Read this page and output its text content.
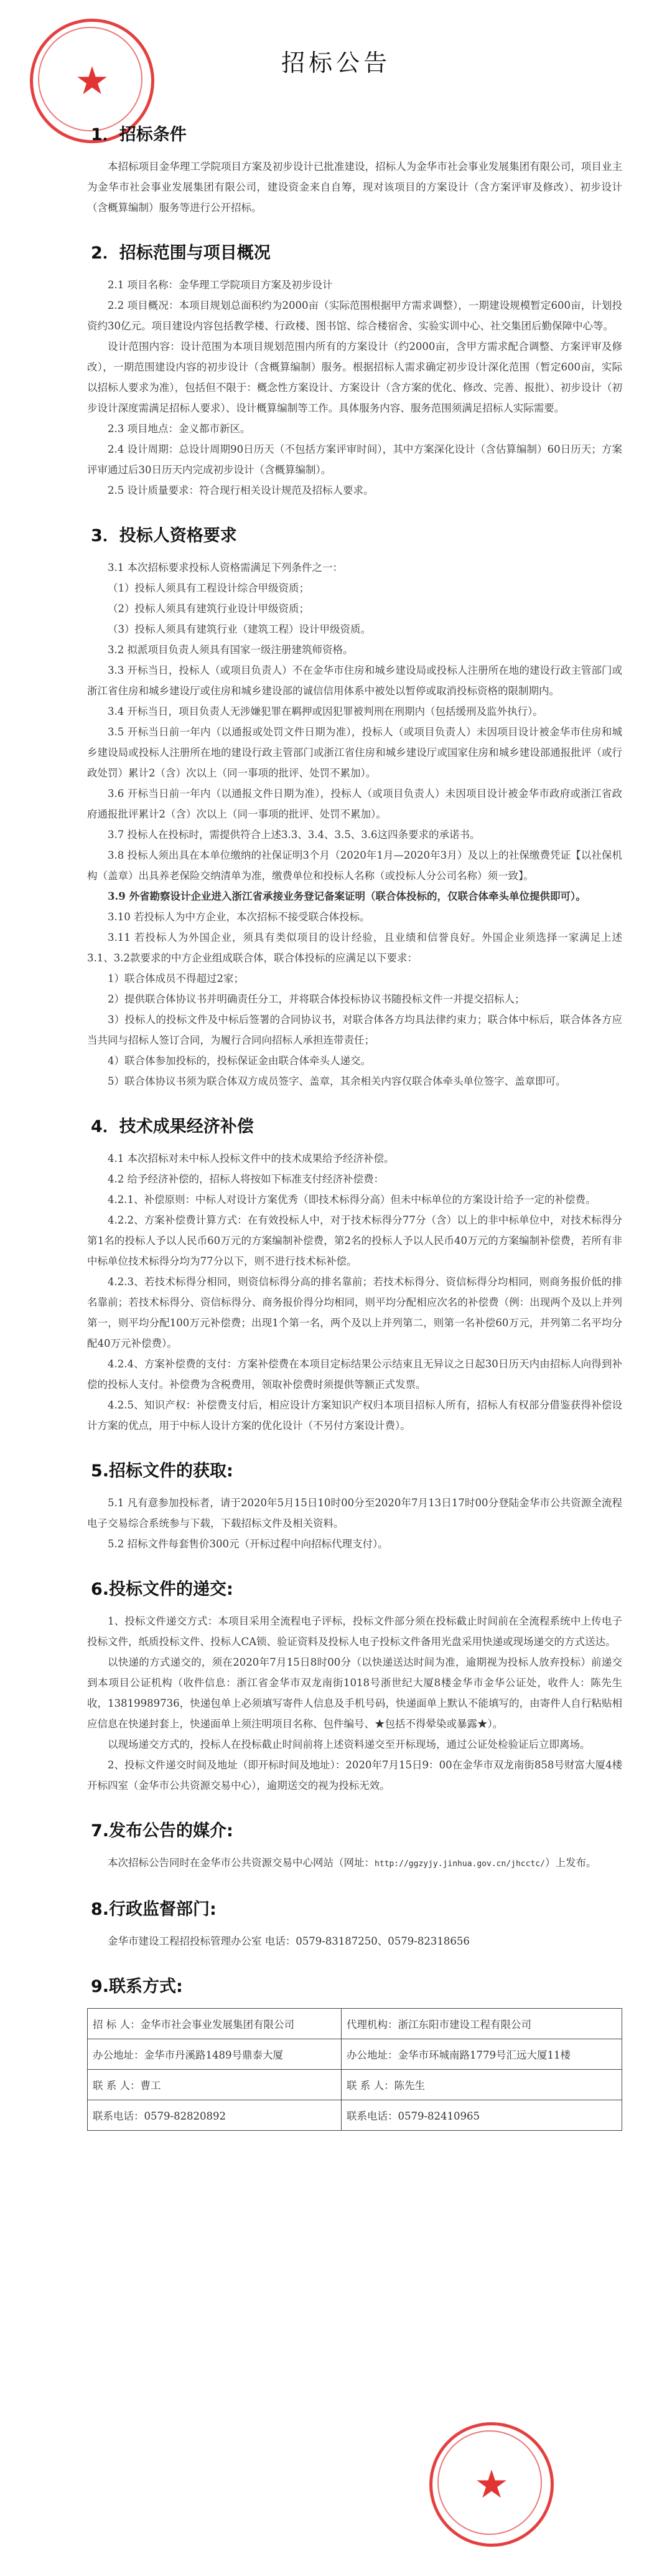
★	招标公告
1．招标条件

本招标项目金华理工学院项目方案及初步设计已批准建设，招标人为金华市社会事业发展集团有限公司，项目业主为金华市社会事业发展集团有限公司，建设资金来自自筹，现对该项目的方案设计（含方案评审及修改）、初步设计（含概算编制）服务等进行公开招标。

2．招标范围与项目概况

2.1 项目名称：金华理工学院项目方案及初步设计

2.2 项目概况：本项目规划总面积约为2000亩（实际范围根据甲方需求调整），一期建设规模暂定600亩，计划投资约30亿元。项目建设内容包括教学楼、行政楼、图书馆、综合楼宿舍、实验实训中心、社交集团后勤保障中心等。

设计范围内容：设计范围为本项目规划范围内所有的方案设计（约2000亩，含甲方需求配合调整、方案评审及修改），一期范围建设内容的初步设计（含概算编制）服务。根据招标人需求确定初步设计深化范围（暂定600亩，实际以招标人要求为准），包括但不限于：概念性方案设计、方案设计（含方案的优化、修改、完善、报批）、初步设计（初步设计深度需满足招标人要求）、设计概算编制等工作。具体服务内容、服务范围须满足招标人实际需要。

2.3 项目地点：金义都市新区。

2.4 设计周期：总设计周期90日历天（不包括方案评审时间），其中方案深化设计（含估算编制）60日历天；方案评审通过后30日历天内完成初步设计（含概算编制）。

2.5 设计质量要求：符合现行相关设计规范及招标人要求。

3．投标人资格要求

3.1 本次招标要求投标人资格需满足下列条件之一：

（1）投标人须具有工程设计综合甲级资质；

（2）投标人须具有建筑行业设计甲级资质；

（3）投标人须具有建筑行业（建筑工程）设计甲级资质。

3.2 拟派项目负责人须具有国家一级注册建筑师资格。

3.3 开标当日，投标人（或项目负责人）不在金华市住房和城乡建设局或投标人注册所在地的建设行政主管部门或浙江省住房和城乡建设厅或住房和城乡建设部的诚信信用体系中被处以暂停或取消投标资格的限制期内。

3.4 开标当日，项目负责人无涉嫌犯罪在羁押或因犯罪被判刑在刑期内（包括缓刑及监外执行）。

3.5 开标当日前一年内（以通报或处罚文件日期为准），投标人（或项目负责人）未因项目设计被金华市住房和城乡建设局或投标人注册所在地的建设行政主管部门或浙江省住房和城乡建设厅或国家住房和城乡建设部通报批评（或行政处罚）累计2（含）次以上（同一事项的批评、处罚不累加）。

3.6 开标当日前一年内（以通报文件日期为准），投标人（或项目负责人）未因项目设计被金华市政府或浙江省政府通报批评累计2（含）次以上（同一事项的批评、处罚不累加）。

3.7 投标人在投标时，需提供符合上述3.3、3.4、3.5、3.6这四条要求的承诺书。

3.8 投标人须出具在本单位缴纳的社保证明3个月（2020年1月—2020年3月）及以上的社保缴费凭证【以社保机构（盖章）出具养老保险交纳清单为准，缴费单位和投标人名称（或投标人分公司名称）须一致】。

3.9 外省勘察设计企业进入浙江省承接业务登记备案证明（联合体投标的，仅联合体牵头单位提供即可）。

3.10 若投标人为中方企业，本次招标不接受联合体投标。

3.11 若投标人为外国企业，须具有类似项目的设计经验，且业绩和信誉良好。外国企业须选择一家满足上述3.1、3.2款要求的中方企业组成联合体，联合体投标的应满足以下要求：

1）联合体成员不得超过2家；

2）提供联合体协议书并明确责任分工，并将联合体投标协议书随投标文件一并提交招标人；

3）投标人的投标文件及中标后签署的合同协议书，对联合体各方均具法律约束力；联合体中标后，联合体各方应当共同与招标人签订合同，为履行合同向招标人承担连带责任；

4）联合体参加投标的，投标保证金由联合体牵头人递交。

5）联合体协议书须为联合体双方成员签字、盖章，其余相关内容仅联合体牵头单位签字、盖章即可。

4．技术成果经济补偿

4.1 本次招标对未中标人投标文件中的技术成果给予经济补偿。

4.2 给予经济补偿的，招标人将按如下标准支付经济补偿费：

4.2.1、补偿原则：中标人对设计方案优秀（即技术标得分高）但未中标单位的方案设计给予一定的补偿费。

4.2.2、方案补偿费计算方式：在有效投标人中，对于技术标得分77分（含）以上的非中标单位中，对技术标得分第1名的投标人予以人民币60万元的方案编制补偿费，第2名的投标人予以人民币40万元的方案编制补偿费，若所有非中标单位技术标得分均为77分以下，则不进行技术标补偿。

4.2.3、若技术标得分相同，则资信标得分高的排名靠前；若技术标得分、资信标得分均相同，则商务报价低的排名靠前；若技术标得分、资信标得分、商务报价得分均相同，则平均分配相应次名的补偿费（例：出现两个及以上并列第一，则平均分配100万元补偿费；出现1个第一名，两个及以上并列第二，则第一名补偿60万元，并列第二名平均分配40万元补偿费）。

4.2.4、方案补偿费的支付：方案补偿费在本项目定标结果公示结束且无异议之日起30日历天内由招标人向得到补偿的投标人支付。补偿费为含税费用，领取补偿费时须提供等额正式发票。

4.2.5、知识产权：补偿费支付后，相应设计方案知识产权归本项目招标人所有，招标人有权部分借鉴获得补偿设计方案的优点，用于中标人设计方案的优化设计（不另付方案设计费）。

5.招标文件的获取:

5.1 凡有意参加投标者，请于2020年5月15日10时00分至2020年7月13日17时00分登陆金华市公共资源全流程电子交易综合系统参与下载，下载招标文件及相关资料。

5.2 招标文件每套售价300元（开标过程中向招标代理支付）。

6.投标文件的递交:

1、投标文件递交方式：本项目采用全流程电子评标，投标文件部分须在投标截止时间前在全流程系统中上传电子投标文件，纸质投标文件、投标人CA锁、验证资料及投标人电子投标文件备用光盘采用快递或现场递交的方式送达。

以快递的方式递交的，须在2020年7月15日8时00分（以快递送达时间为准，逾期视为投标人放弃投标）前递交到本项目公证机构（收件信息：浙江省金华市双龙南街1018号浙世纪大厦8楼金华市金华公证处，收件人：陈先生收，13819989736，快递包单上必须填写寄件人信息及手机号码，快递面单上默认不能填写的，由寄件人自行粘贴相应信息在快递封套上，快递面单上须注明项目名称、包件编号、★包括不得晕染或暴露★）。

以现场递交方式的，投标人在投标截止时间前将上述资料递交至开标现场，通过公证处检验证后立即离场。

2、投标文件递交时间及地址（即开标时间及地址）：2020年7月15日9：00在金华市双龙南街858号财富大厦4楼开标四室（金华市公共资源交易中心），逾期送交的视为投标无效。

7.发布公告的媒介:

本次招标公告同时在金华市公共资源交易中心网站（网址：http://ggzyjy.jinhua.gov.cn/jhcctc/）上发布。

8.行政监督部门:

金华市建设工程招投标管理办公室 电话：0579-83187250、0579-82318656

9.联系方式:
招 标 人：金华市社会事业发展集团有限公司	代理机构：浙江东阳市建设工程有限公司
办公地址：金华市丹溪路1489号鼎泰大厦	办公地址：金华市环城南路1779号汇远大厦11楼
联 系 人：曹工	联 系 人：陈先生
联系电话：0579-82820892	联系电话：0579-82410965
★
